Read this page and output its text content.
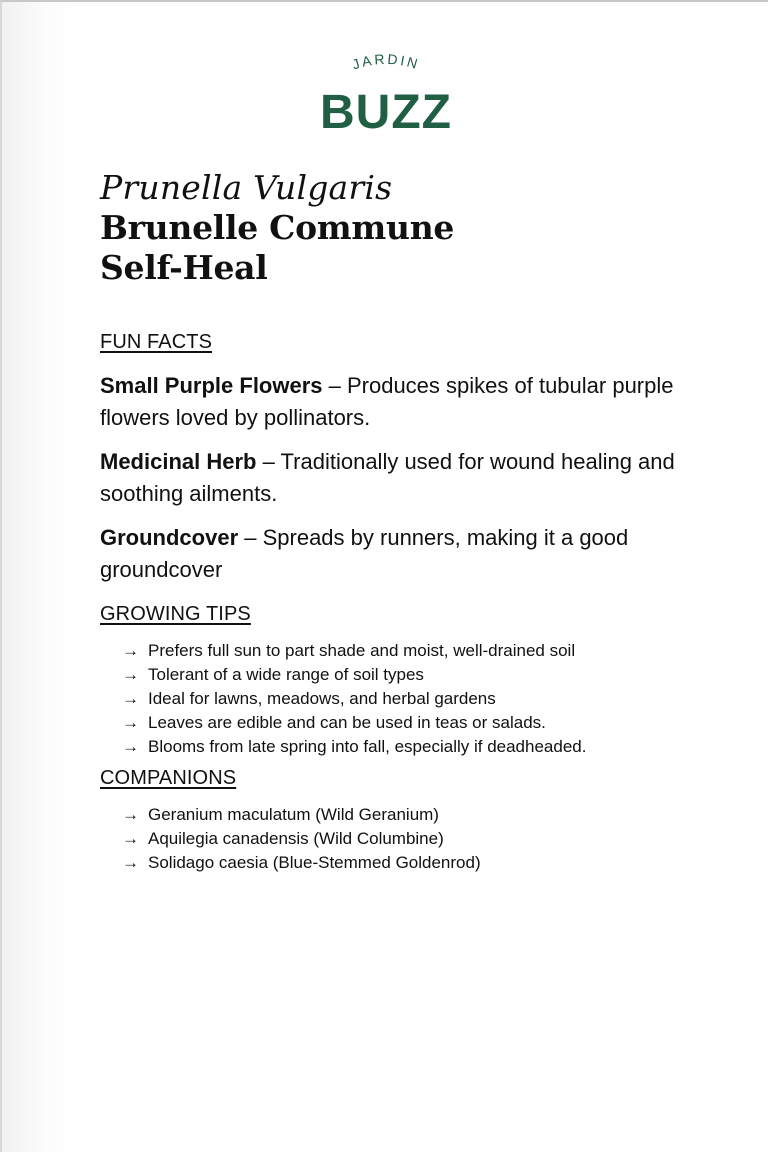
JARDIN
BUZZ
Prunella Vulgaris
Brunelle Commune
Self-Heal
FUN FACTS

Small Purple Flowers – Produces spikes of tubular purple flowers loved by pollinators.

Medicinal Herb – Traditionally used for wound healing and soothing ailments.

Groundcover – Spreads by runners, making it a good groundcover

GROWING TIPS
→ Prefers full sun to part shade and moist, well-drained soil
→ Tolerant of a wide range of soil types
→ Ideal for lawns, meadows, and herbal gardens
→ Leaves are edible and can be used in teas or salads.
→ Blooms from late spring into fall, especially if deadheaded.
COMPANIONS
→ Geranium maculatum (Wild Geranium)
→ Aquilegia canadensis (Wild Columbine)
→ Solidago caesia (Blue-Stemmed Goldenrod)
